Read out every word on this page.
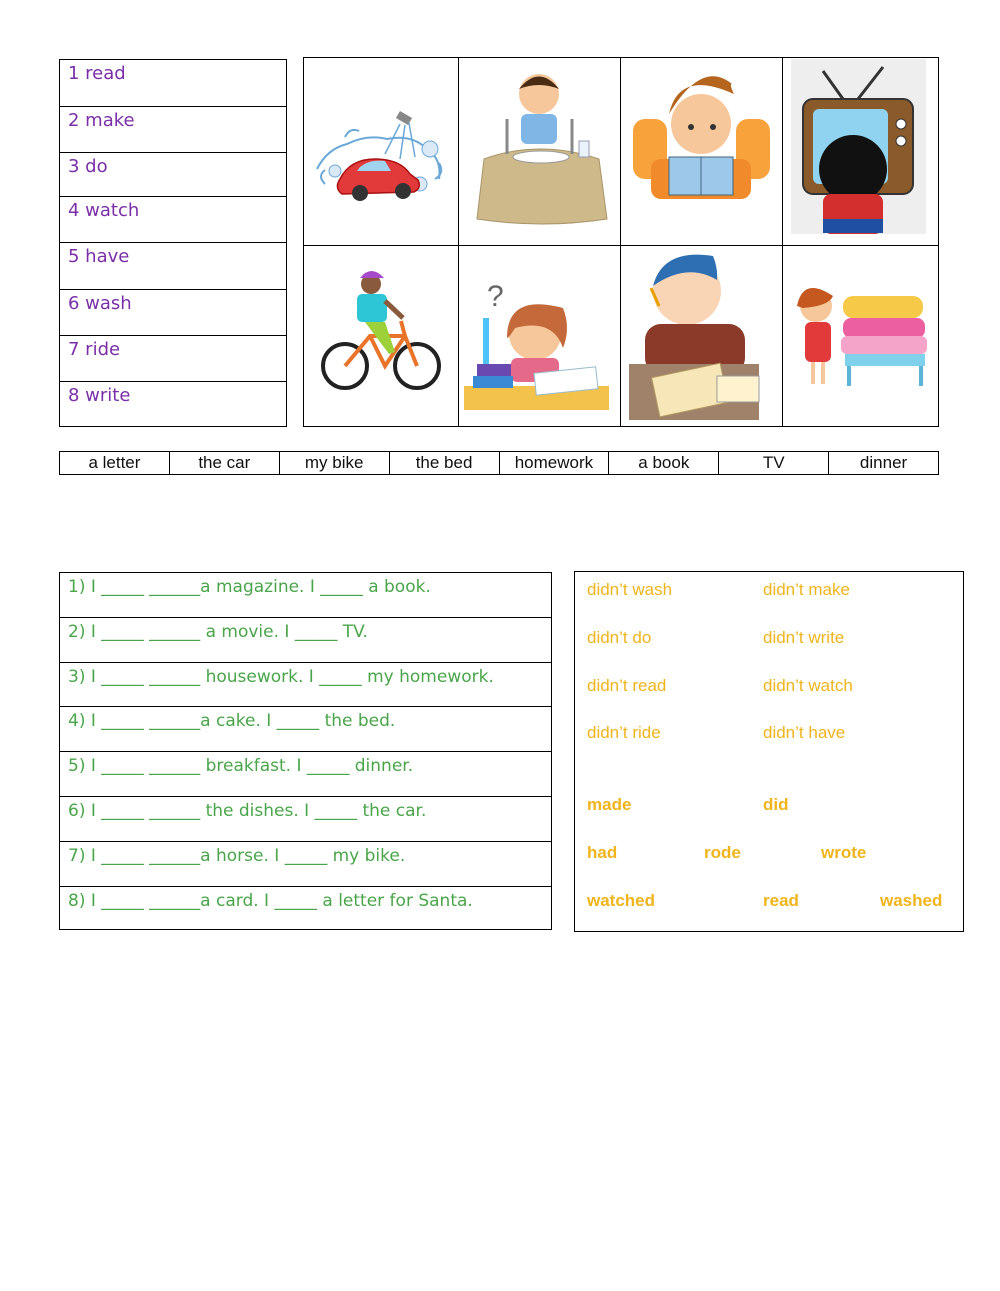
1 read
2 make
3 do
4 watch
5 have
6 wash
7 ride
8 write
?
a letter	the car	my bike	the bed	homework	a book	TV	dinner
1) I _____ ______a magazine. I _____ a book.
2) I _____ ______ a movie. I _____ TV.
3) I _____ ______ housework. I _____ my homework.
4) I _____ ______a cake. I _____ the bed.
5) I _____ ______ breakfast. I _____ dinner.
6) I _____ ______ the dishes. I _____ the car.
7) I _____ ______a horse. I _____ my bike.
8) I _____ ______a card. I _____ a letter for Santa.
didn’t wash	didn’t make
didn’t do	didn’t write
didn’t read	didn’t watch
didn’t ride	didn’t have
made	did
had	rode	wrote
watched	read	washed
